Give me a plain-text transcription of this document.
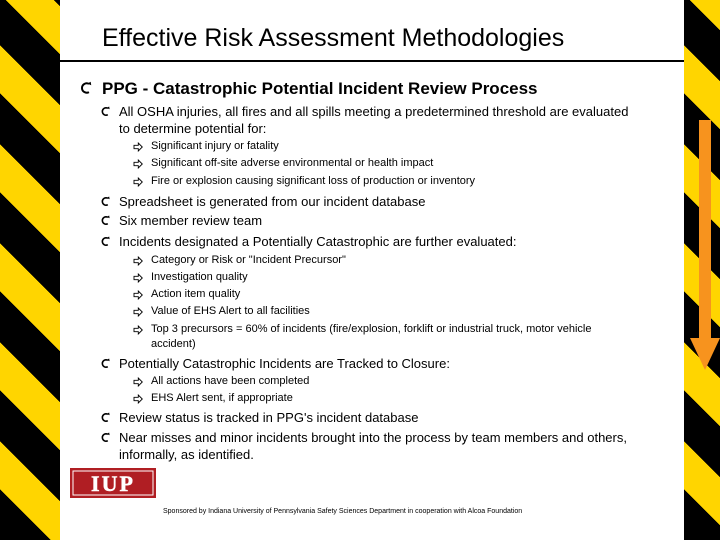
Effective Risk Assessment Methodologies
PPG - Catastrophic Potential Incident Review Process
All OSHA injuries, all fires and all spills meeting a predetermined threshold are evaluated
to determine potential for:
Significant injury or fatality
Significant off-site adverse environmental or health impact
Fire or explosion causing significant loss of production or inventory
Spreadsheet is generated from our incident database
Six member review team
Incidents designated a Potentially Catastrophic are further evaluated:
Category or Risk or "Incident Precursor"
Investigation quality
Action item quality
Value of EHS Alert to all facilities
Top 3 precursors = 60% of incidents (fire/explosion, forklift or industrial truck, motor vehicle
accident)
Potentially Catastrophic Incidents are Tracked to Closure:
All actions have been completed
EHS Alert sent, if appropriate
Review status is tracked in PPG's incident database
Near misses and minor incidents brought into the process by team members and others,
informally, as identified.
IUP
Sponsored by Indiana University of Pennsylvania Safety Sciences Department in cooperation with Alcoa Foundation
